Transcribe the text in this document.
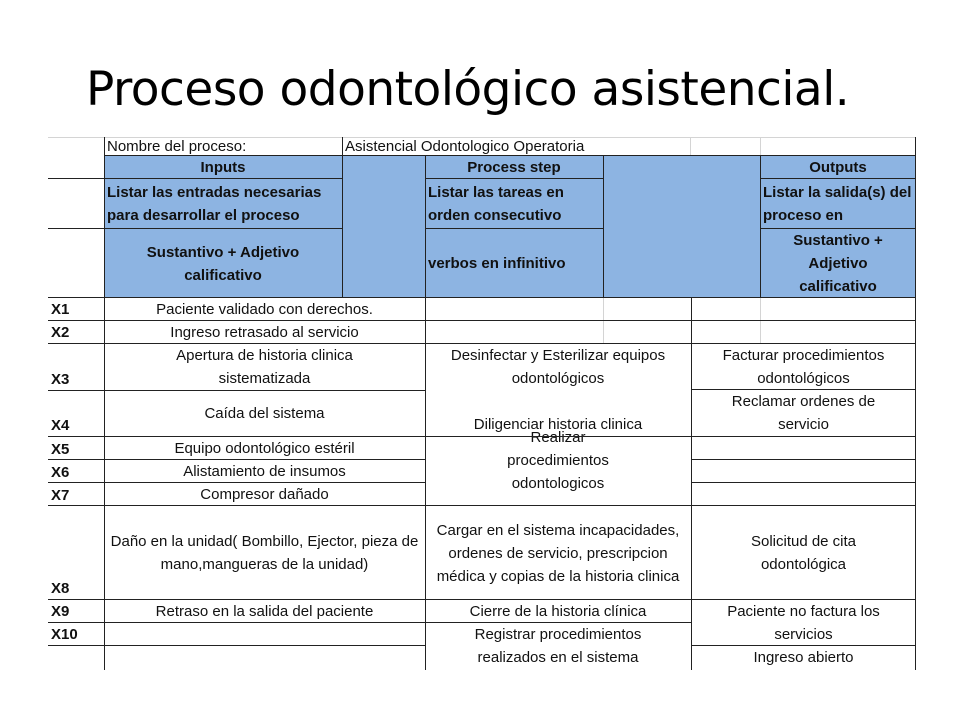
Proceso odontológico asistencial.
Nombre del proceso:	Asistencial Odontologico Operatoria
Inputs
Listar las entradas necesarias para desarrollar el proceso
Sustantivo + Adjetivo calificativo
Process step
Listar las tareas en orden consecutivo
verbos en infinitivo
Outputs
Listar la salida(s) del proceso en
Sustantivo + Adjetivo calificativo
X1
X2
X3
X4
X5
X6
X7
X8
X9
X10
Paciente validado con derechos.
Ingreso retrasado al servicio
Apertura de historia clinica sistematizada
Caída del sistema
Equipo odontológico estéril
Alistamiento de insumos
Compresor dañado
Daño en la unidad( Bombillo, Ejector, pieza de mano,mangueras de la unidad)
Retraso en la salida del paciente
Desinfectar y Esterilizar equipos odontológicos
Diligenciar historia clinica
Realizar procedimientos odontologicos
Cargar en el sistema incapacidades, ordenes de servicio, prescripcion médica y copias de la historia clinica
Cierre de la historia clínica
Registrar procedimientos realizados en el sistema
Facturar procedimientos odontológicos
Reclamar ordenes de servicio
Solicitud de cita odontológica
Paciente no factura los servicios
Ingreso abierto
